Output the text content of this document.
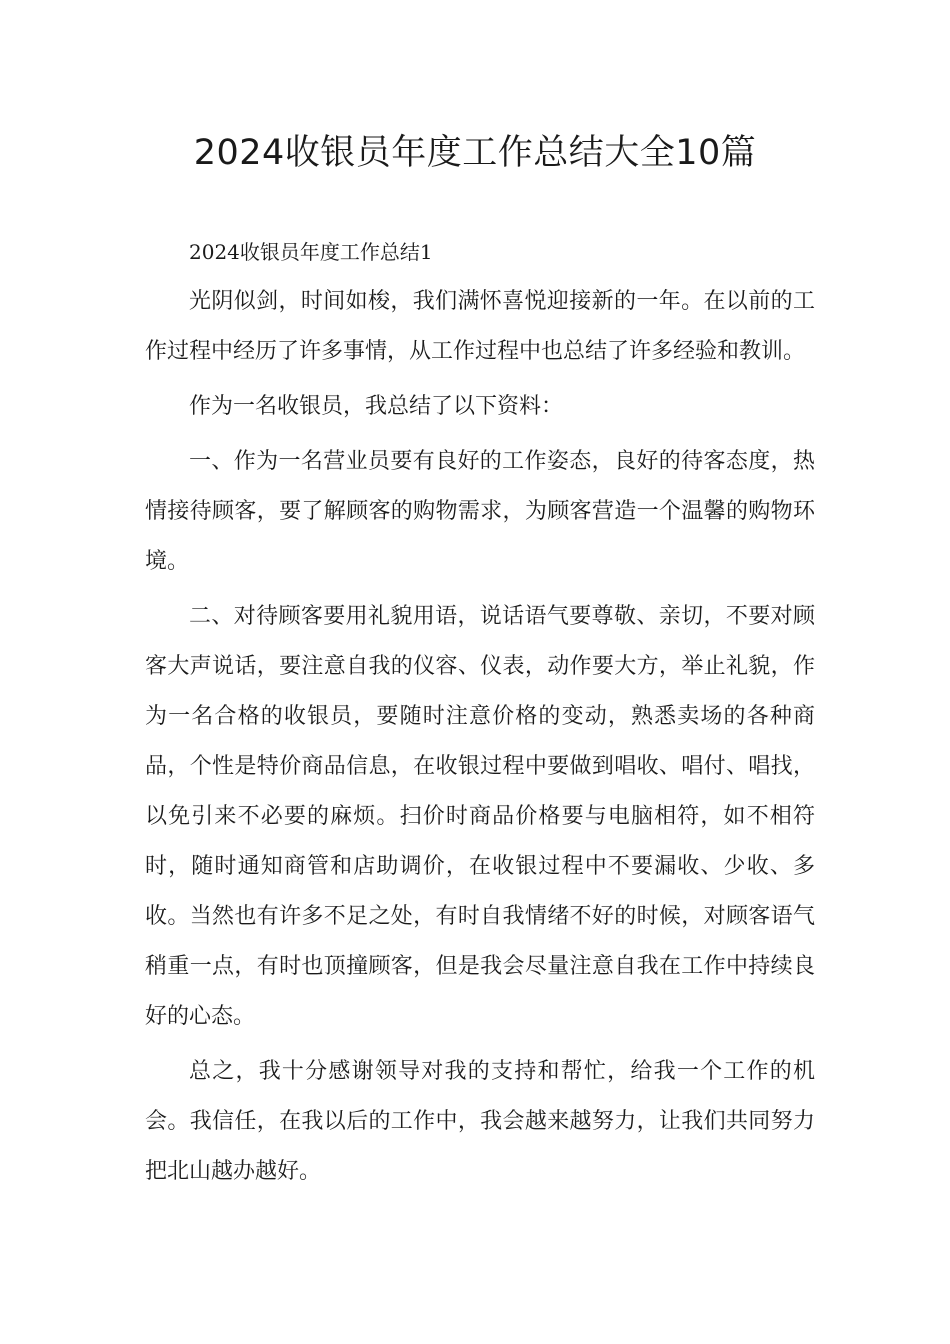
2024收银员年度工作总结大全10篇

2024收银员年度工作总结1

光阴似剑，时间如梭，我们满怀喜悦迎接新的一年。在以前的工作过程中经历了许多事情，从工作过程中也总结了许多经验和教训。

作为一名收银员，我总结了以下资料：

一、作为一名营业员要有良好的工作姿态，良好的待客态度，热情接待顾客，要了解顾客的购物需求，为顾客营造一个温馨的购物环境。

二、对待顾客要用礼貌用语，说话语气要尊敬、亲切，不要对顾客大声说话，要注意自我的仪容、仪表，动作要大方，举止礼貌，作为一名合格的收银员，要随时注意价格的变动，熟悉卖场的各种商品，个性是特价商品信息，在收银过程中要做到唱收、唱付、唱找，以免引来不必要的麻烦。扫价时商品价格要与电脑相符，如不相符时，随时通知商管和店助调价，在收银过程中不要漏收、少收、多收。当然也有许多不足之处，有时自我情绪不好的时候，对顾客语气稍重一点，有时也顶撞顾客，但是我会尽量注意自我在工作中持续良好的心态。

总之，我十分感谢领导对我的支持和帮忙，给我一个工作的机会。我信任，在我以后的工作中，我会越来越努力，让我们共同努力把北山越办越好。
